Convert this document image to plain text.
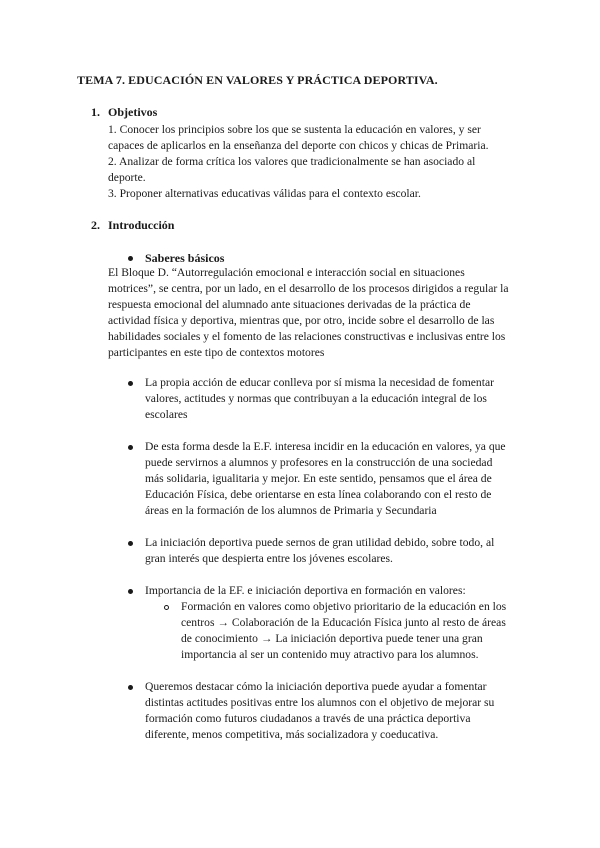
TEMA 7. EDUCACIÓN EN VALORES Y PRÁCTICA DEPORTIVA.
1. Objetivos
1. Conocer los principios sobre los que se sustenta la educación en valores, y ser
capaces de aplicarlos en la enseñanza del deporte con chicos y chicas de Primaria.
2. Analizar de forma crítica los valores que tradicionalmente se han asociado al
deporte.
3. Proponer alternativas educativas válidas para el contexto escolar.
2. Introducción
Saberes básicos
El Bloque D. “Autorregulación emocional e interacción social en situaciones
motrices”, se centra, por un lado, en el desarrollo de los procesos dirigidos a regular la
respuesta emocional del alumnado ante situaciones derivadas de la práctica de
actividad física y deportiva, mientras que, por otro, incide sobre el desarrollo de las
habilidades sociales y el fomento de las relaciones constructivas e inclusivas entre los
participantes en este tipo de contextos motores
La propia acción de educar conlleva por sí misma la necesidad de fomentar
valores, actitudes y normas que contribuyan a la educación integral de los
escolares
De esta forma desde la E.F. interesa incidir en la educación en valores, ya que
puede servirnos a alumnos y profesores en la construcción de una sociedad
más solidaria, igualitaria y mejor. En este sentido, pensamos que el área de
Educación Física, debe orientarse en esta línea colaborando con el resto de
áreas en la formación de los alumnos de Primaria y Secundaria
La iniciación deportiva puede sernos de gran utilidad debido, sobre todo, al
gran interés que despierta entre los jóvenes escolares.
Importancia de la EF. e iniciación deportiva en formación en valores:
Formación en valores como objetivo prioritario de la educación en los
centros → Colaboración de la Educación Física junto al resto de áreas
de conocimiento → La iniciación deportiva puede tener una gran
importancia al ser un contenido muy atractivo para los alumnos.
Queremos destacar cómo la iniciación deportiva puede ayudar a fomentar
distintas actitudes positivas entre los alumnos con el objetivo de mejorar su
formación como futuros ciudadanos a través de una práctica deportiva
diferente, menos competitiva, más socializadora y coeducativa.
